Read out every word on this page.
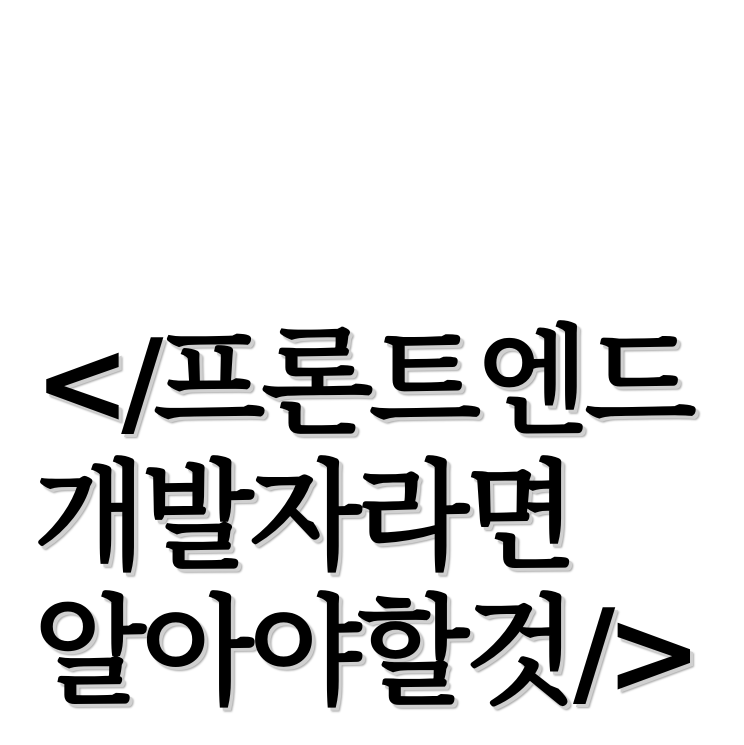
</프론트엔드
개발자라면
알아야할것/>
